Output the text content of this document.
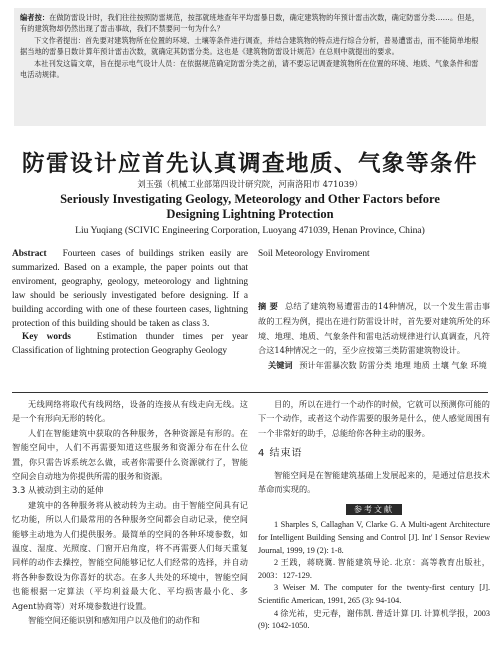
编者按：在做防雷设计时，我们往往按照防雷规范，按部就班地查年平均雷暴日数，确定建筑物的年预计雷击次数，确定防雷分类……。但是，有的建筑物却仍然出现了雷击事故，我们不禁要问一句为什么？

下文作者提出：首先要对建筑物所在位置的环境、土壤等条件进行调查，并结合建筑物的特点进行综合分析，普易遭雷击，而不能简单地根据当地的雷暴日数计算年预计雷击次数，就确定其防雷分类。这也是《建筑物防雷设计规范》在总则中就提出的要求。

本社刊发这篇文章，旨在提示电气设计人员：在依据规范确定防雷分类之前，请不要忘记调查建筑物所在位置的环境、地质、气象条件和雷电活动规律。

防雷设计应首先认真调查地质、气象等条件
刘玉强（机械工业部第四设计研究院，河南洛阳市 471039）
Seriously Investigating Geology, Meteorology and Other Factors before Designing Lightning Protection
Liu Yuqiang (SCIVIC Engineering Corporation, Luoyang 471039, Henan Province, China)
Abstract Fourteen cases of buildings striken easily are summarized. Based on a example, the paper points out that enviroment, geography, geology, meteorology and lightning law should be seriously investigated before designing. If a building according with one of these fourteen cases, lightning protection of this building should be taken as class 3.
Key words	Estimation thunder times per year Classification of lightning protection Geography Geology
Soil Meteorology Enviroment
摘 要 总结了建筑物易遭雷击的14种情况，以一个发生雷击事故的工程为例，提出在进行防雷设计时，首先要对建筑所处的环境、地理、地质、气象条件和雷电活动规律进行认真调查，凡符合这14种情况之一的，至少应按第三类防雷建筑物设计。
关键词 预计年雷暴次数 防雷分类 地理 地质 土壤 气象 环境

无线网络将取代有线网络，设备的连接从有线走向无线。这是一个有形向无形的转化。

人们在智能建筑中获取的各种服务，各种资源是有形的。在智能空间中，人们不再需要知道这些服务和资源分布在什么位置，你只需告诉系统怎么做，或者你需要什么资源就行了，智能空间会自动地为你提供所需的服务和资源。

3.3 从被动到主动的延伸

建筑中的各种服务将从被动转为主动。由于智能空间具有记忆功能，所以人们最常用的各种服务空间都会自动记录，使空间能够主动地为人们提供服务。最简单的空间的各种环境参数，如温度、湿度、光照度、门窗开启角度，将不再需要人们每天重复同样的动作去操控，智能空间能够记忆人们经常的选择，并自动将各种参数设为你喜好的状态。在多人共处的环境中，智能空间也能根据一定算法（平均利益最大化、平均损害最小化、多Agent协商等）对环境参数进行设置。

智能空间还能识别和感知用户以及他们的动作和

目的，所以在进行一个动作的时候，它就可以预测你可能的下一个动作，或者这个动作需要的服务是什么，使人感觉周围有一个非常好的助手，总能给你各种主动的服务。

4 结束语

智能空间是在智能建筑基础上发展起来的，是通过信息技术革命而实现的。

参考文献

1 Sharples S, Callaghan V, Clarke G. A Multi-agent Architecture for Intelligent Building Sensing and Control [J]. Int' l Sensor Review Journal, 1999, 19 (2): 1-8.

2 王践，蒋晓冀. 智能建筑导论. 北京：高等教育出版社，2003：127-129.

3 Weiser M. The computer for the twenty-first century [J]. Scientific American, 1991, 265 (3): 94-104.

4 徐光祐，史元春，谢伟凯. 普适计算 [J]. 计算机学报，2003 (9): 1042-1050.
